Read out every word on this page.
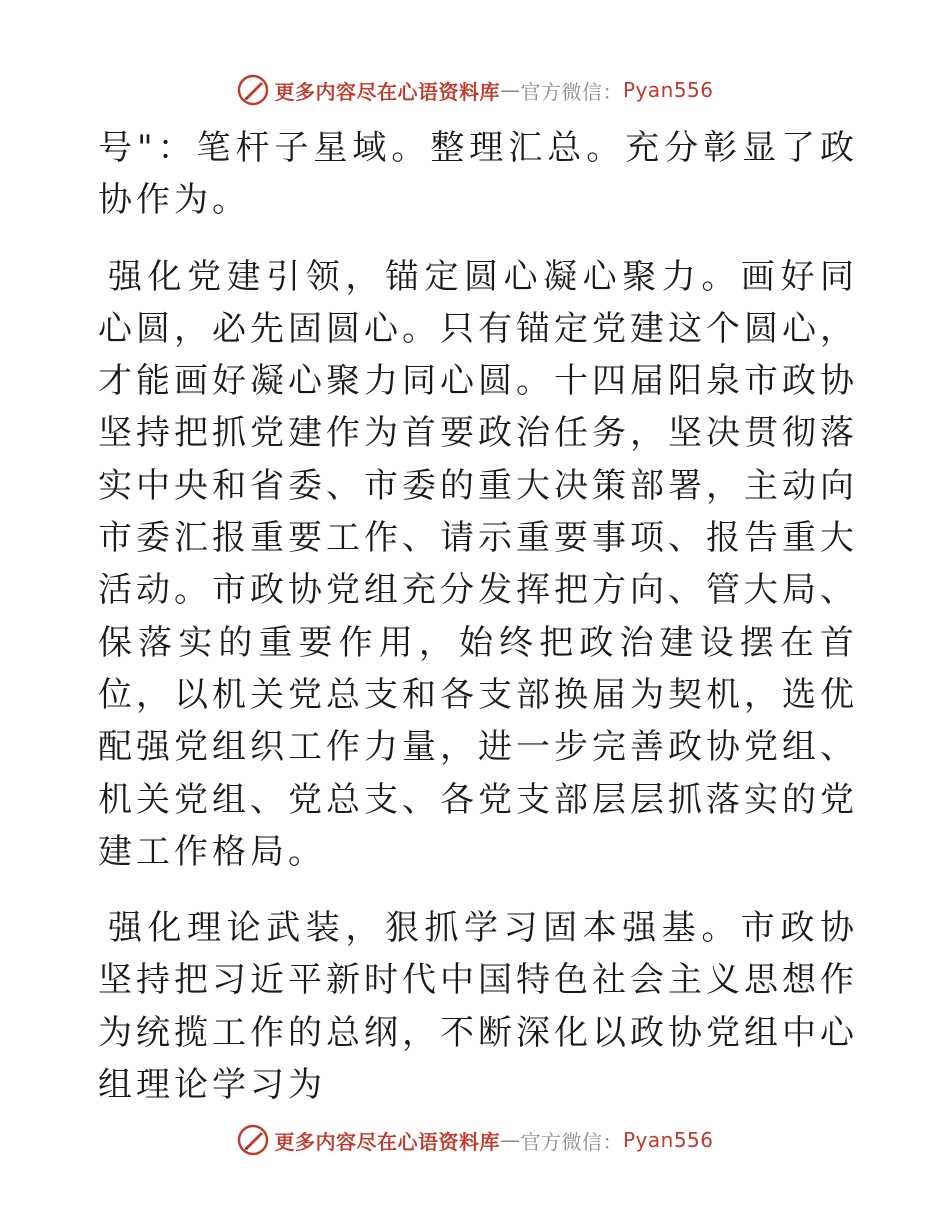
更多内容尽在心语资料库 — 官方微信： Pyan556

号"：笔杆子星域。整理汇总。充分彰显了政协作为。

强化党建引领，锚定圆心凝心聚力。画好同心圆，必先固圆心。只有锚定党建这个圆心，才能画好凝心聚力同心圆。十四届阳泉市政协坚持把抓党建作为首要政治任务，坚决贯彻落实中央和省委、市委的重大决策部署，主动向市委汇报重要工作、请示重要事项、报告重大活动。市政协党组充分发挥把方向、管大局、保落实的重要作用，始终把政治建设摆在首位，以机关党总支和各支部换届为契机，选优配强党组织工作力量，进一步完善政协党组、机关党组、党总支、各党支部层层抓落实的党建工作格局。

强化理论武装，狠抓学习固本强基。市政协坚持把习近平新时代中国特色社会主义思想作为统揽工作的总纲，不断深化以政协党组中心组理论学习为

更多内容尽在心语资料库 — 官方微信： Pyan556
